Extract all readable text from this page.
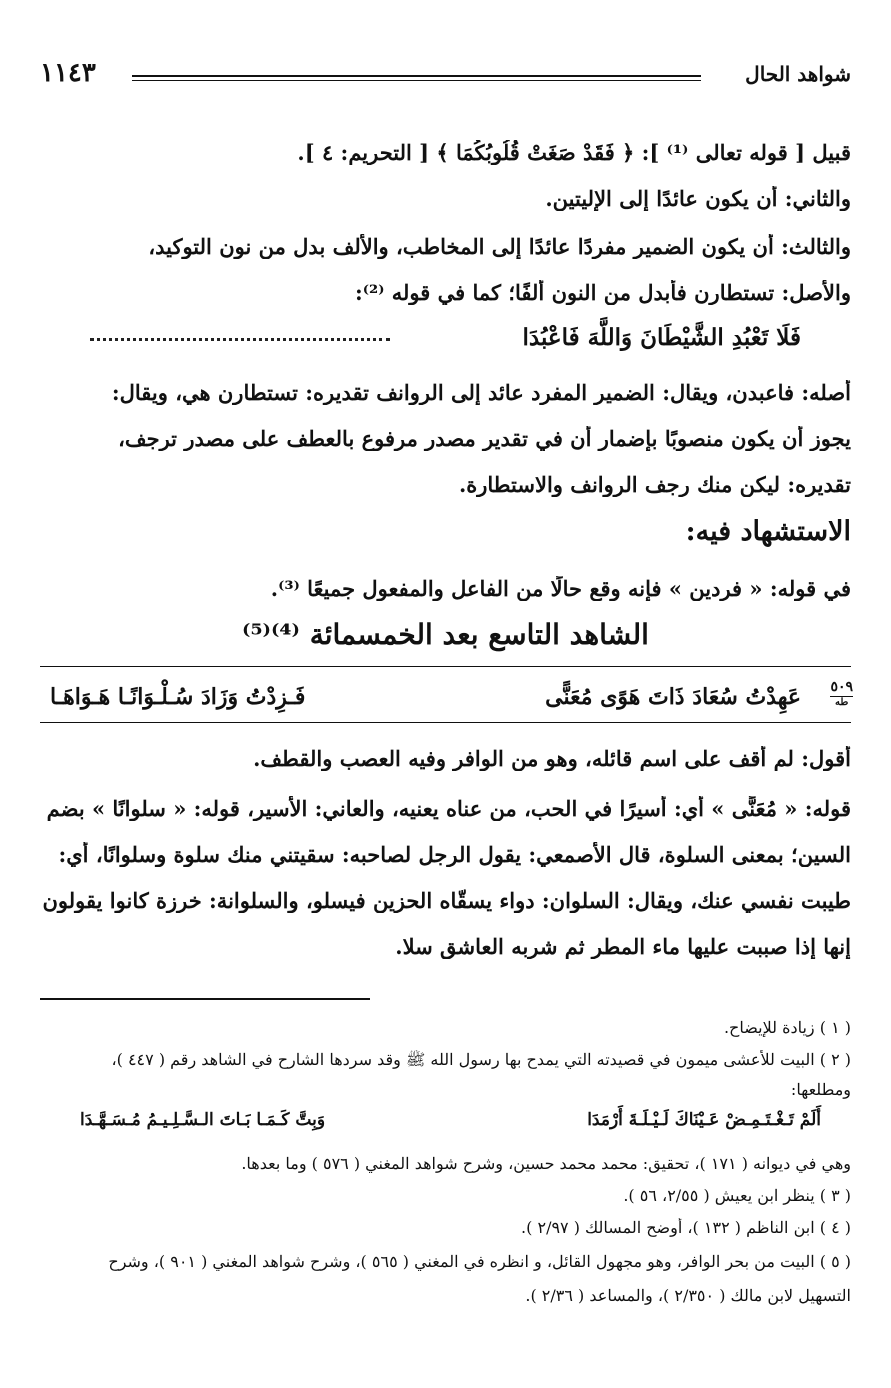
شواهد الحال
١١٤٣
قبيل [ قوله تعالى ⁽¹⁾ ]: ﴿ فَقَدْ صَغَتْ قُلُوبُكُمَا ﴾ [ التحريم: ٤ ].
والثاني: أن يكون عائدًا إلى الإليتين.
والثالث: أن يكون الضمير مفردًا عائدًا إلى المخاطب، والألف بدل من نون التوكيد،
والأصل: تستطارن فأبدل من النون ألفًا؛ كما في قوله ⁽²⁾:
فَلَا تَعْبُدِ الشَّيْطَانَ وَاللَّهَ فَاعْبُدَا
أصله: فاعبدن، ويقال: الضمير المفرد عائد إلى الروانف تقديره: تستطارن هي، ويقال:
يجوز أن يكون منصوبًا بإضمار أن في تقدير مصدر مرفوع بالعطف على مصدر ترجف،
تقديره: ليكن منك رجف الروانف والاستطارة.
الاستشهاد فيه:
في قوله: « فردين » فإنه وقع حالًا من الفاعل والمفعول جميعًا ⁽³⁾.
الشاهد التاسع بعد الخمسمائة ⁽⁴⁾⁽⁵⁾
٥٠٩
طه
عَهِدْتُ سُعَادَ ذَاتَ هَوًى مُعَنًّى
فَـزِدْتُ وَزَادَ سُـلْـوَانًـا هَـوَاهَـا
أقول: لم أقف على اسم قائله، وهو من الوافر وفيه العصب والقطف.
قوله: « مُعَنًّى » أي: أسيرًا في الحب، من عناه يعنيه، والعاني: الأسير، قوله: « سلوانًا » بضم
السين؛ بمعنى السلوة، قال الأصمعي: يقول الرجل لصاحبه: سقيتني منك سلوة وسلوانًا، أي:
طيبت نفسي عنك، ويقال: السلوان: دواء يسقّاه الحزين فيسلو، والسلوانة: خرزة كانوا يقولون
إنها إذا صببت عليها ماء المطر ثم شربه العاشق سلا.
( ١ ) زيادة للإيضاح.
( ٢ ) البيت للأعشى ميمون في قصيدته التي يمدح بها رسول الله ﷺ وقد سردها الشارح في الشاهد رقم ( ٤٤٧ )،
ومطلعها:
أَلَمْ تَـغْـتَـمِـضْ عَـيْنَاكَ لَـيْـلَـةَ أَرْمَدَا
وَبِتَّ كَـمَـا بَـاتَ الـسَّـلِـيـمُ مُـسَـهَّـدَا
وهي في ديوانه ( ١٧١ )، تحقيق: محمد محمد حسين، وشرح شواهد المغني ( ٥٧٦ ) وما بعدها.
( ٣ ) ينظر ابن يعيش ( ٢/٥٥، ٥٦ ).
( ٤ ) ابن الناظم ( ١٣٢ )، أوضح المسالك ( ٢/٩٧ ).
( ٥ ) البيت من بحر الوافر، وهو مجهول القائل، و انظره في المغني ( ٥٦٥ )، وشرح شواهد المغني ( ٩٠١ )، وشرح
التسهيل لابن مالك ( ٢/٣٥٠ )، والمساعد ( ٢/٣٦ ).
